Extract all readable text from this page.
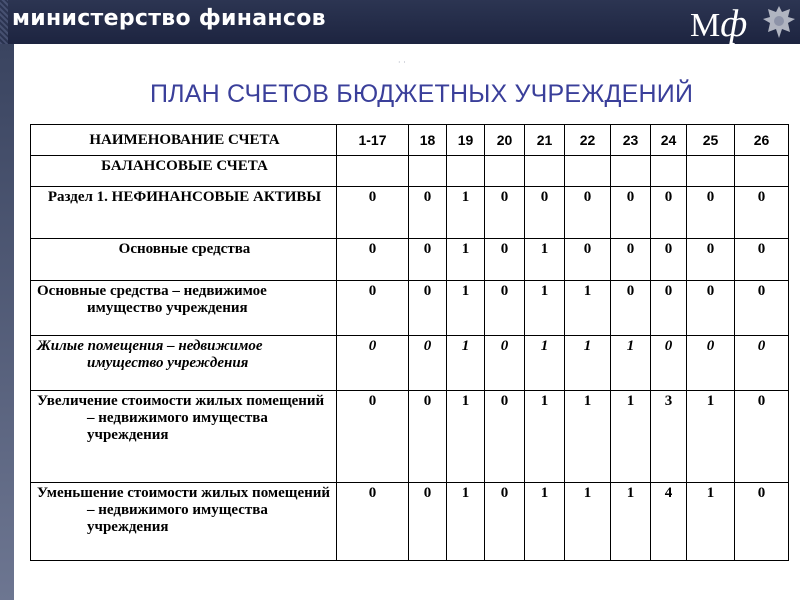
министерство финансов	Мф
· ·
ПЛАН СЧЕТОВ БЮДЖЕТНЫХ УЧРЕЖДЕНИЙ
НАИМЕНОВАНИЕ СЧЕТА	1-17	18	19	20	21	22	23	24	25	26
БАЛАНСОВЫЕ СЧЕТА										
Раздел 1. НЕФИНАНСОВЫЕ АКТИВЫ	0	0	1	0	0	0	0	0	0	0
Основные средства	0	0	1	0	1	0	0	0	0	0
Основные средства – недвижимое имущество учреждения	0	0	1	0	1	1	0	0	0	0
Жилые помещения – недвижимое имущество учреждения	0	0	1	0	1	1	1	0	0	0
Увеличение стоимости жилых помещений – недвижимого имущества учреждения	0	0	1	0	1	1	1	3	1	0
Уменьшение стоимости жилых помещений – недвижимого имущества учреждения	0	0	1	0	1	1	1	4	1	0
